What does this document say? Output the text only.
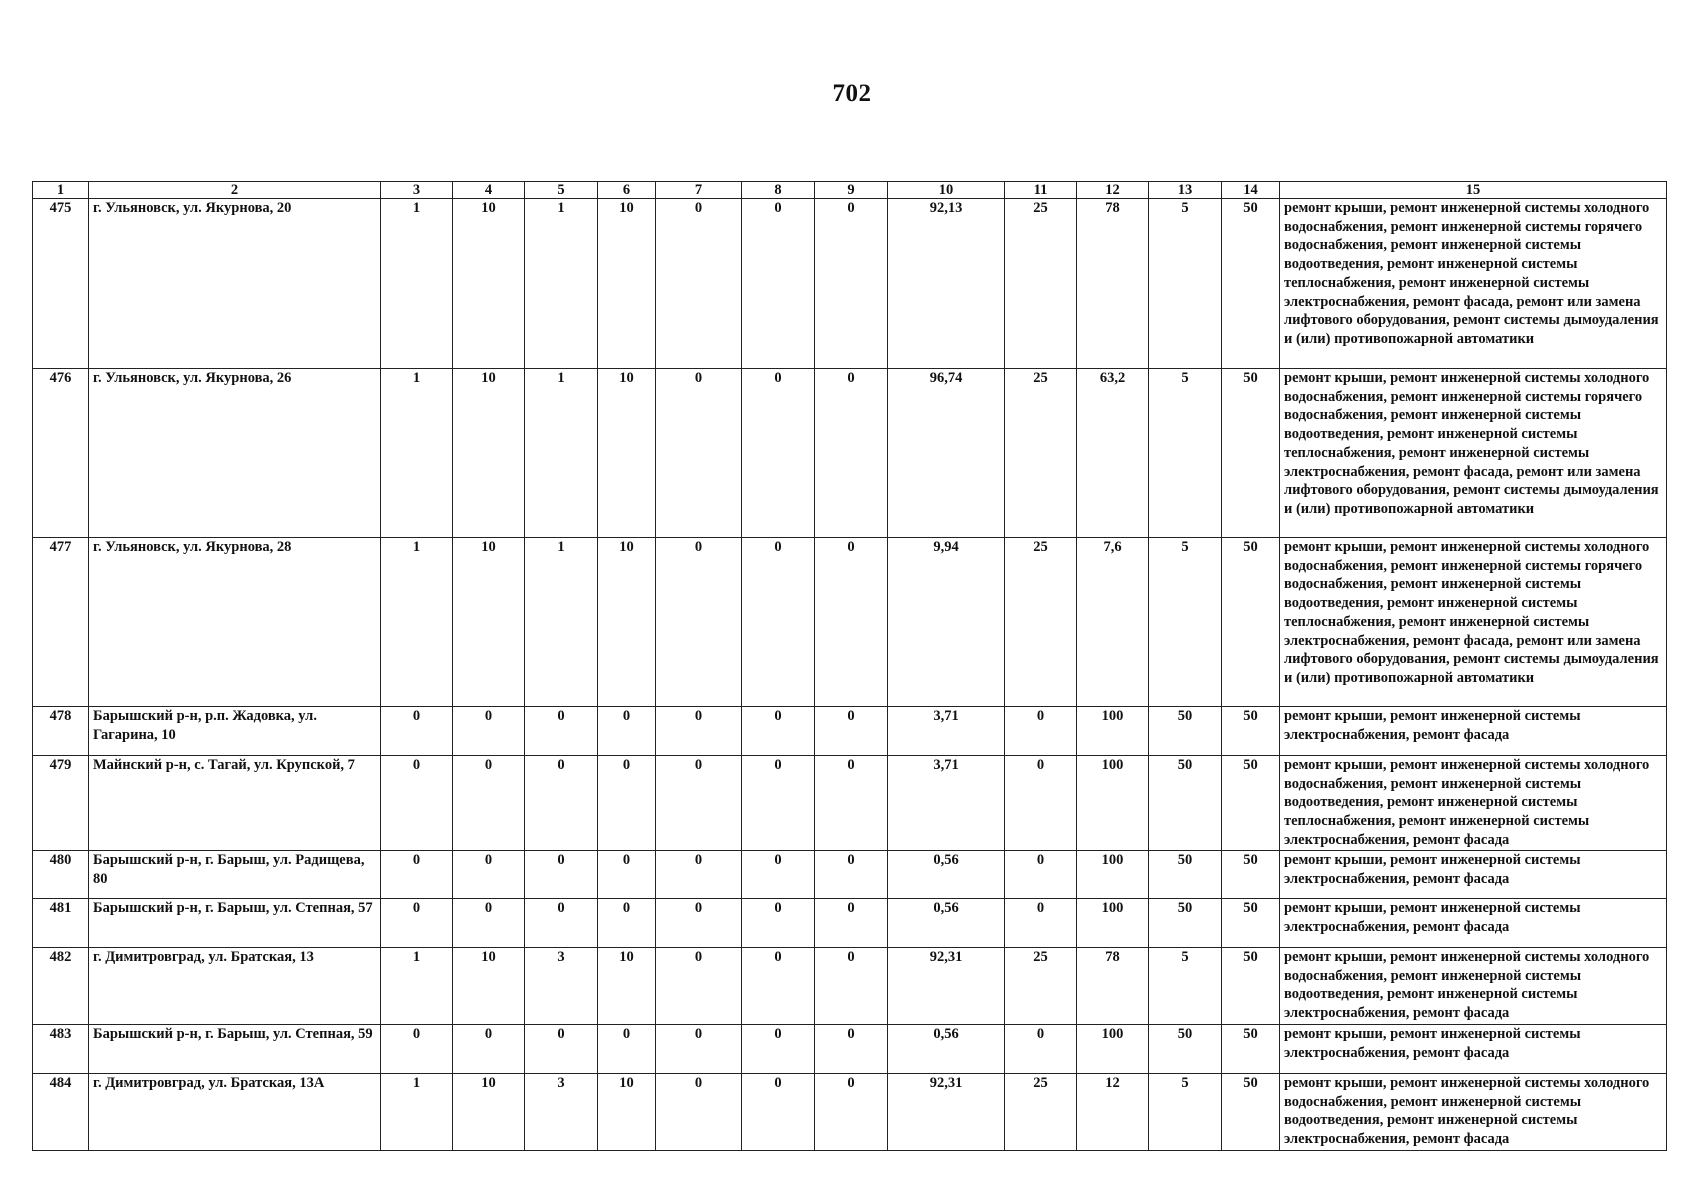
702
1	2	3	4	5	6	7	8	9	10	11	12	13	14	15
475	г. Ульяновск, ул. Якурнова, 20	1	10	1	10	0	0	0	92,13	25	78	5	50	ремонт крыши, ремонт инженерной системы холодного водоснабжения, ремонт инженерной системы горячего водоснабжения, ремонт инженерной системы водоотведения, ремонт инженерной системы теплоснабжения, ремонт инженерной системы электроснабжения, ремонт фасада, ремонт или замена лифтового оборудования, ремонт системы дымоудаления и (или) противопожарной автоматики
476	г. Ульяновск, ул. Якурнова, 26	1	10	1	10	0	0	0	96,74	25	63,2	5	50	ремонт крыши, ремонт инженерной системы холодного водоснабжения, ремонт инженерной системы горячего водоснабжения, ремонт инженерной системы водоотведения, ремонт инженерной системы теплоснабжения, ремонт инженерной системы электроснабжения, ремонт фасада, ремонт или замена лифтового оборудования, ремонт системы дымоудаления и (или) противопожарной автоматики
477	г. Ульяновск, ул. Якурнова, 28	1	10	1	10	0	0	0	9,94	25	7,6	5	50	ремонт крыши, ремонт инженерной системы холодного водоснабжения, ремонт инженерной системы горячего водоснабжения, ремонт инженерной системы водоотведения, ремонт инженерной системы теплоснабжения, ремонт инженерной системы электроснабжения, ремонт фасада, ремонт или замена лифтового оборудования, ремонт системы дымоудаления и (или) противопожарной автоматики
478	Барышский р-н, р.п. Жадовка, ул. Гагарина, 10	0	0	0	0	0	0	0	3,71	0	100	50	50	ремонт крыши, ремонт инженерной системы электроснабжения, ремонт фасада
479	Майнский р-н, с. Тагай, ул. Крупской, 7	0	0	0	0	0	0	0	3,71	0	100	50	50	ремонт крыши, ремонт инженерной системы холодного водоснабжения, ремонт инженерной системы водоотведения, ремонт инженерной системы теплоснабжения, ремонт инженерной системы электроснабжения, ремонт фасада
480	Барышский р-н, г. Барыш, ул. Радищева, 80	0	0	0	0	0	0	0	0,56	0	100	50	50	ремонт крыши, ремонт инженерной системы электроснабжения, ремонт фасада
481	Барышский р-н, г. Барыш, ул. Степная, 57	0	0	0	0	0	0	0	0,56	0	100	50	50	ремонт крыши, ремонт инженерной системы электроснабжения, ремонт фасада
482	г. Димитровград, ул. Братская, 13	1	10	3	10	0	0	0	92,31	25	78	5	50	ремонт крыши, ремонт инженерной системы холодного водоснабжения, ремонт инженерной системы водоотведения, ремонт инженерной системы электроснабжения, ремонт фасада
483	Барышский р-н, г. Барыш, ул. Степная, 59	0	0	0	0	0	0	0	0,56	0	100	50	50	ремонт крыши, ремонт инженерной системы электроснабжения, ремонт фасада
484	г. Димитровград, ул. Братская, 13А	1	10	3	10	0	0	0	92,31	25	12	5	50	ремонт крыши, ремонт инженерной системы холодного водоснабжения, ремонт инженерной системы водоотведения, ремонт инженерной системы электроснабжения, ремонт фасада
